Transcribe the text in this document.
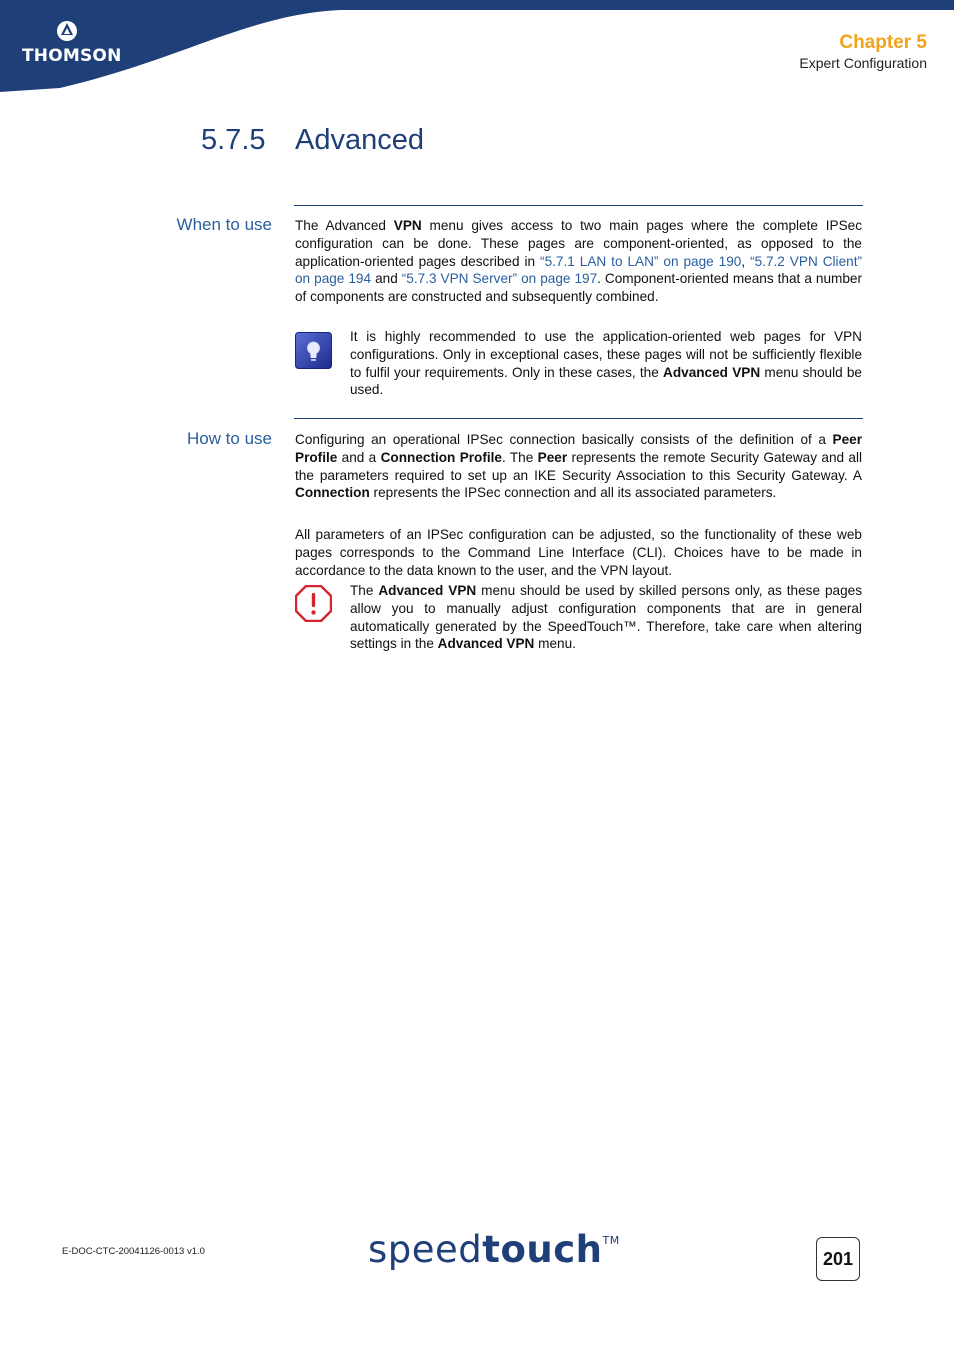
THOMSON
Chapter 5
Expert Configuration
5.7.5 Advanced
When to use The Advanced VPN menu gives access to two main pages where the complete IPSec configuration can be done. These pages are component-oriented, as opposed to the application-oriented pages described in “5.7.1 LAN to LAN” on page 190, “5.7.2 VPN Client” on page 194 and “5.7.3 VPN Server” on page 197. Component-oriented means that a number of components are constructed and subsequently combined.

It is highly recommended to use the application-oriented web pages for VPN configurations. Only in exceptional cases, these pages will not be sufficiently flexible to fulfil your requirements. Only in these cases, the Advanced VPN menu should be used.

How to use Configuring an operational IPSec connection basically consists of the definition of a Peer Profile and a Connection Profile. The Peer represents the remote Security Gateway and all the parameters required to set up an IKE Security Association to this Security Gateway. A Connection represents the IPSec connection and all its associated parameters.

All parameters of an IPSec configuration can be adjusted, so the functionality of these web pages corresponds to the Command Line Interface (CLI). Choices have to be made in accordance to the data known to the user, and the VPN layout.

The Advanced VPN menu should be used by skilled persons only, as these pages allow you to manually adjust configuration components that are in general automatically generated by the SpeedTouch™. Therefore, take care when altering settings in the Advanced VPN menu.

E-DOC-CTC-20041126-0013 v1.0	speedtouch™
201
